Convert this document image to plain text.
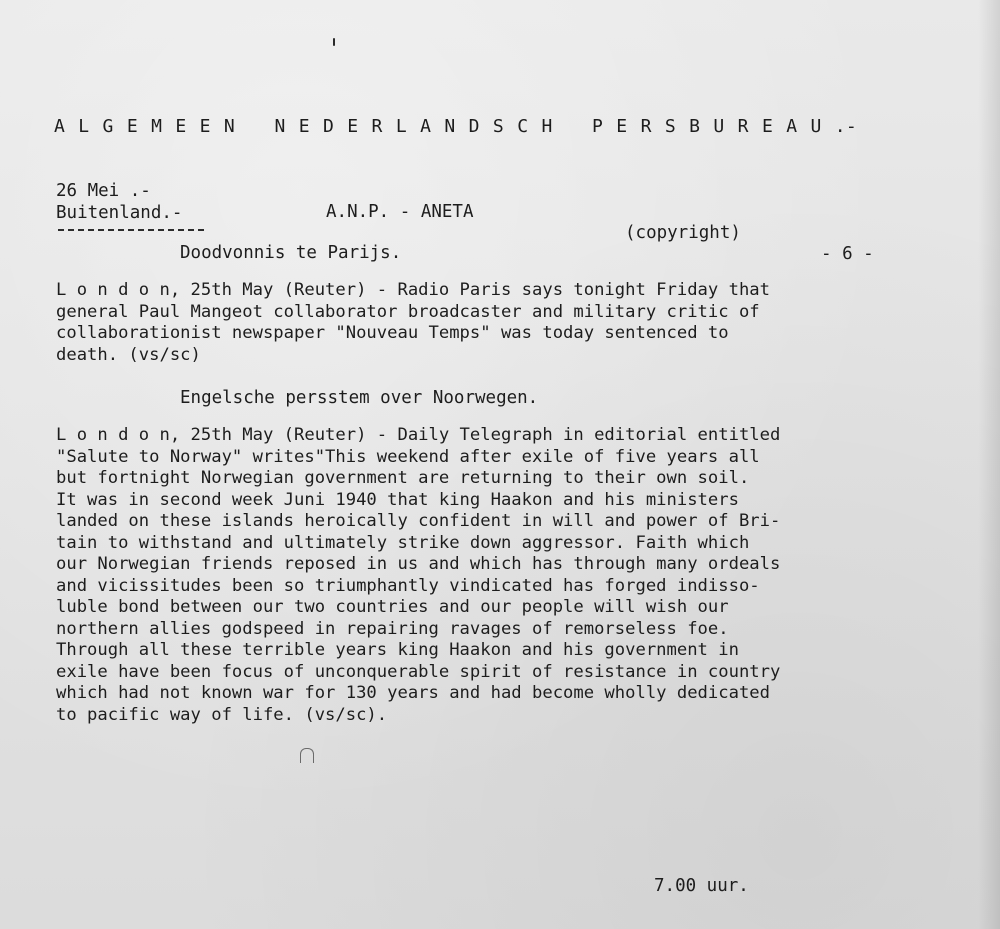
A L G E M E E N   N E D E R L A N D S C H   P E R S B U R E A U .-

26 Mei .-

A.N.P. - ANETA

(copyright)

- 6 -

Buitenland.-
Doodvonnis te Parijs.
L o n d o n, 25th May (Reuter) - Radio Paris says tonight Friday that
general Paul Mangeot collaborator broadcaster and military critic of
collaborationist newspaper "Nouveau Temps" was today sentenced to
death. (vs/sc)
Engelsche persstem over Noorwegen.
L o n d o n, 25th May (Reuter) - Daily Telegraph in editorial entitled
"Salute to Norway" writes"This weekend after exile of five years all
but fortnight Norwegian government are returning to their own soil.
It was in second week Juni 1940 that king Haakon and his ministers
landed on these islands heroically confident in will and power of Bri-
tain to withstand and ultimately strike down aggressor. Faith which
our Norwegian friends reposed in us and which has through many ordeals
and vicissitudes been so triumphantly vindicated has forged indisso-
luble bond between our two countries and our people will wish our
northern allies godspeed in repairing ravages of remorseless foe.
Through all these terrible years king Haakon and his government in
exile have been focus of unconquerable spirit of resistance in country
which had not known war for 130 years and had become wholly dedicated
to pacific way of life. (vs/sc).
7.00 uur.
